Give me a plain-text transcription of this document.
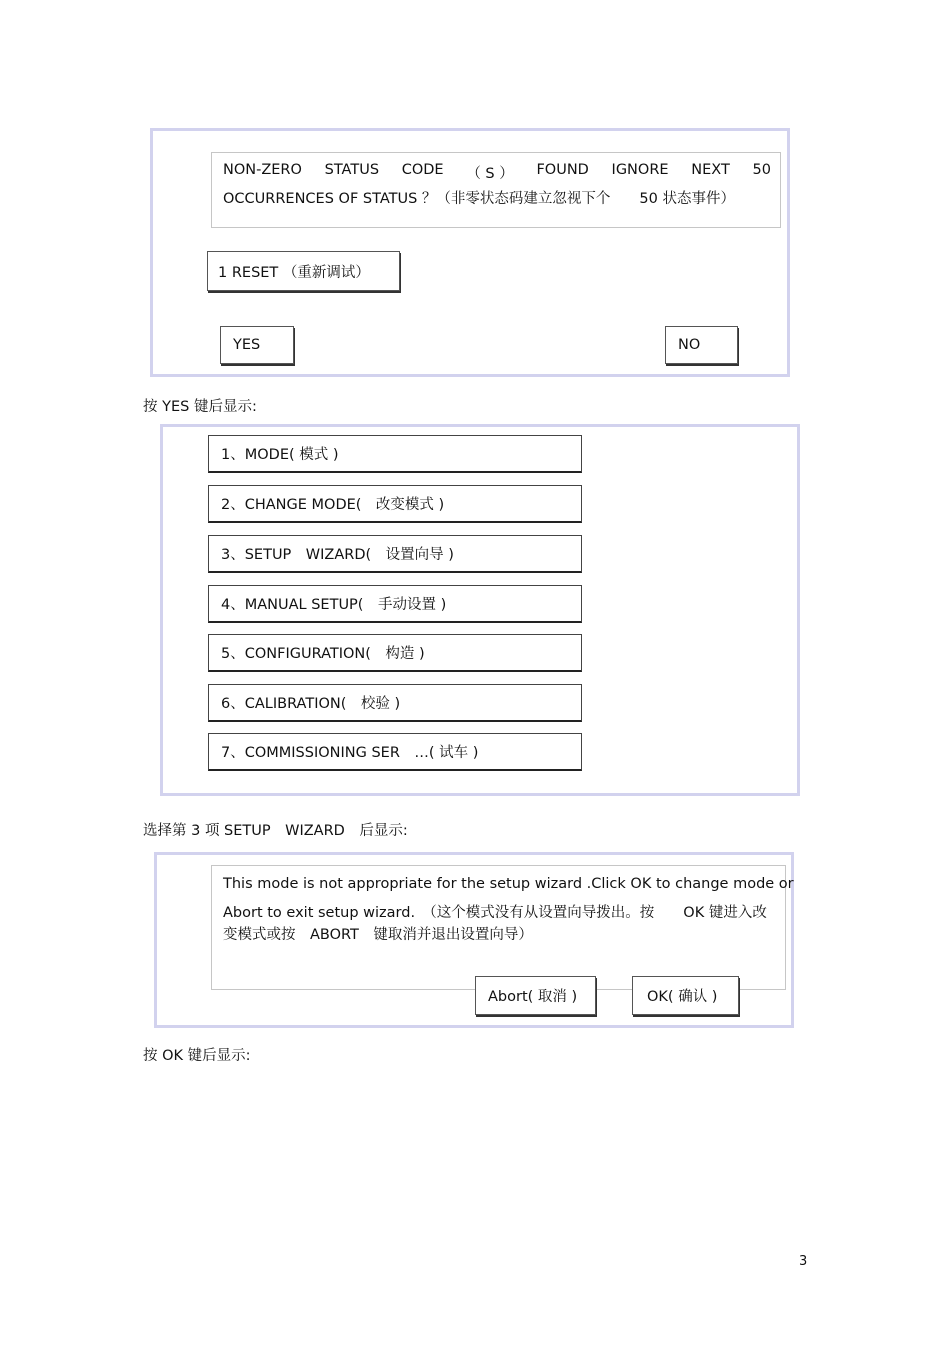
NON-ZERO STATUS CODE （ S ） FOUND IGNORE NEXT 50
OCCURRENCES OF STATUS ？（非零状态码建立忽视下个　　50 状态事件）
1 RESET （重新调试）
YES	NO
按 YES 键后显示:
1、MODE( 模式 )
2、CHANGE MODE(　改变模式 )
3、SETUP　WIZARD(　设置向导 )
4、MANUAL SETUP(　手动设置 )
5、CONFIGURATION(　构造 )
6、CALIBRATION(　校验 )
7、COMMISSIONING SER　…( 试车 )
选择第 3 项 SETUP　WIZARD　后显示:
This mode is not appropriate for the setup wizard .Click OK to change mode or
Abort to exit setup wizard.　（这个模式没有从设置向导拨出。按　　OK 键进入改
变模式或按　ABORT　键取消并退出设置向导）
Abort( 取消 )	OK( 确认 )
按 OK 键后显示:
3
